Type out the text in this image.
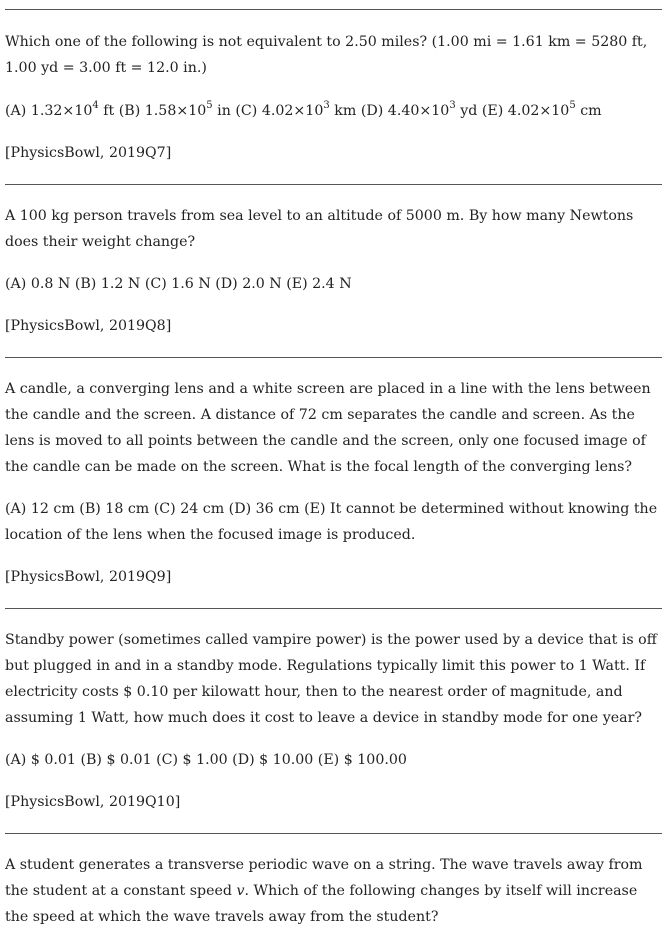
Which one of the following is not equivalent to 2.50 miles? (1.00 mi = 1.61 km = 5280 ft, 1.00 yd = 3.00 ft = 12.0 in.)

(A) $1.32\times 10^4$ ft (B) $1.58\times 10^5$ in (C) $4.02\times 10^3$ km (D) $4.40\times 10^3$ yd (E) $4.02\times 10^5$ cm

[PhysicsBowl, 2019Q7]

A 100 kg person travels from sea level to an altitude of 5000 m. By how many Newtons does their weight change?

(A) 0.8 N (B) 1.2 N (C) 1.6 N (D) 2.0 N (E) 2.4 N

[PhysicsBowl, 2019Q8]

A candle, a converging lens and a white screen are placed in a line with the lens between the candle and the screen. A distance of 72 cm separates the candle and screen. As the lens is moved to all points between the candle and the screen, only one focused image of the candle can be made on the screen. What is the focal length of the converging lens?

(A) 12 cm (B) 18 cm (C) 24 cm (D) 36 cm (E) It cannot be determined without knowing the location of the lens when the focused image is produced.

[PhysicsBowl, 2019Q9]

Standby power (sometimes called vampire power) is the power used by a device that is off but plugged in and in a standby mode. Regulations typically limit this power to 1 Watt. If electricity costs $ 0.10 per kilowatt hour, then to the nearest order of magnitude, and assuming 1 Watt, how much does it cost to leave a device in standby mode for one year?

(A) $ 0.01 (B) $ 0.01 (C) $ 1.00 (D) $ 10.00 (E) $ 100.00

[PhysicsBowl, 2019Q10]

A student generates a transverse periodic wave on a string. The wave travels away from the student at a constant speed v. Which of the following changes by itself will increase the speed at which the wave travels away from the student?
